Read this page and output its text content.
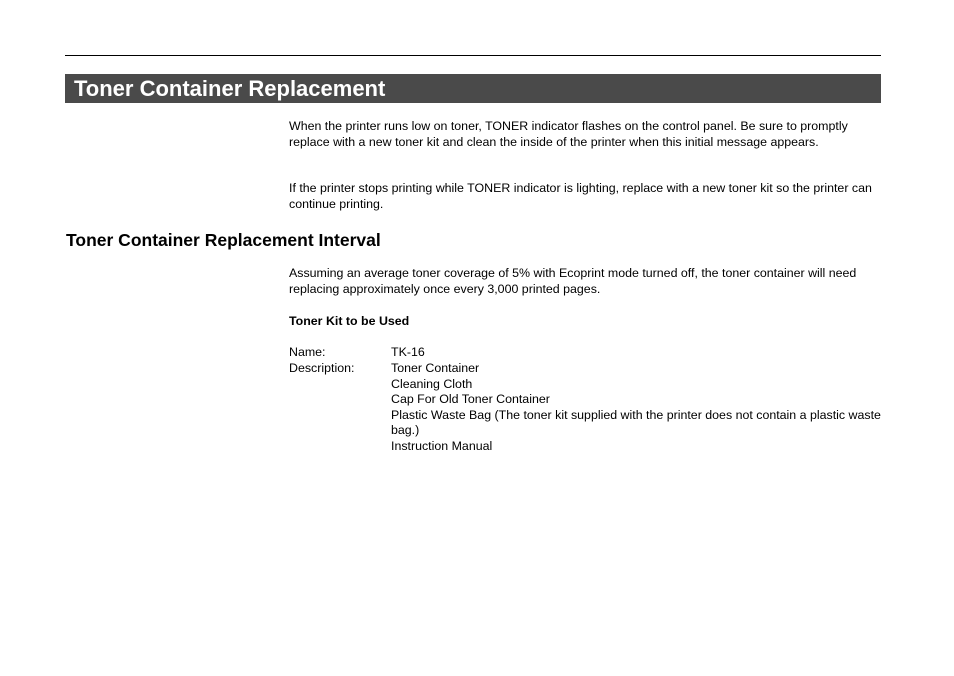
Toner Container Replacement

When the printer runs low on toner, TONER indicator flashes on the control panel. Be sure to promptly replace with a new toner kit and clean the inside of the printer when this initial message appears.

If the printer stops printing while TONER indicator is lighting, replace with a new toner kit so the printer can continue printing.

Toner Container Replacement Interval

Assuming an average toner coverage of 5% with Ecoprint mode turned off, the toner container will need replacing approximately once every 3,000 printed pages.

Toner Kit to be Used
Name:	TK-16
Description:	Toner Container
Cleaning Cloth
Cap For Old Toner Container
Plastic Waste Bag (The toner kit supplied with the printer does not contain a plastic waste bag.)
Instruction Manual
